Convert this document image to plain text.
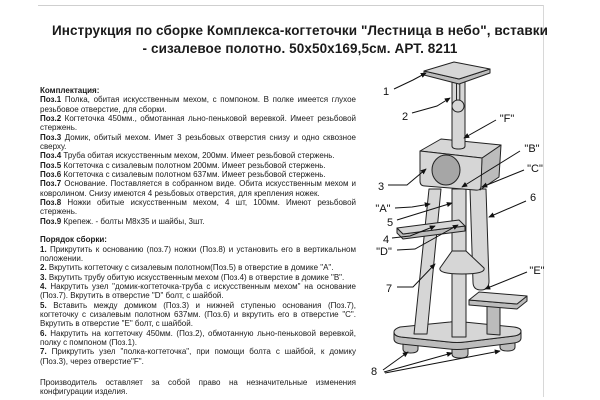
Инструкция по сборке Комплекса-когтеточки "Лестница в небо", вставки
- сизалевое полотно. 50х50х169,5см. АРТ. 8211

Комплектация:

Поз.1 Полка, обитая искусственным мехом, с помпоном. В полке имеется глухое резьбовое отверстие, для сборки.

Поз.2 Когтеточка 450мм., обмотанная льно-пеньковой веревкой. Имеет резьбовой стержень.

Поз.3 Домик, обитый мехом. Имет 3 резьбовых отверстия снизу и одно сквозное сверху.

Поз.4 Труба обитая искусственным мехом, 200мм. Имеет резьбовой стержень.

Поз.5 Когтеточка с сизалевым полотном 200мм. Имеет резьбовой стержень.

Поз.6 Когтеточка с сизалевым полотном 637мм. Имеет резьбовой стержень.

Поз.7 Основание. Поставляется в собранном виде. Обита искусственным мехом и ковролином. Снизу имеются 4 резьбовых отверстия, для крепления ножек.

Поз.8 Ножки обитые искусственным мехом, 4 шт, 100мм. Имеют резьбовой стержень.

Поз.9 Крепеж. - болты М8х35 и шайбы, 3шт.

Порядок сборки:

1. Прикрутить к основанию (поз.7) ножки (Поз.8) и установить его в вертикальном положении.

2. Вкрутить когтеточку с сизалевым полотном(Поз.5) в отверстие в домике "А".

3. Вкрутить трубу обитую искусственным мехом (Поз.4) в отверстие в домике "В".

4. Накрутить узел "домик-когтеточка-труба с искусственным мехом" на основание (Поз.7). Вкрутить в отверстие "D" болт, с шайбой.

5. Вставить между домиком (Поз.3) и нижней ступенью основания (Поз.7), когтеточку с сизалевым полотном 637мм. (Поз.6) и вкрутить его в отверстие "С". Вкрутить в отверстие "Е" болт, с шайбой.

6. Накрутить на когтеточку 450мм. (Поз.2), обмотанную льно-пеньковой веревкой, полку с помпоном (Поз.1).

7. Прикрутить узел "полка-когтеточка", при помощи болта с шайбой, к домику (Поз.3), через отверстие"F".

Производитель оставляет за собой право на незначительные изменения конфигурации изделия.

1
2
3
"A"
5
4
"D"
7
8
"F"
"B"
"C"
6
"E"
